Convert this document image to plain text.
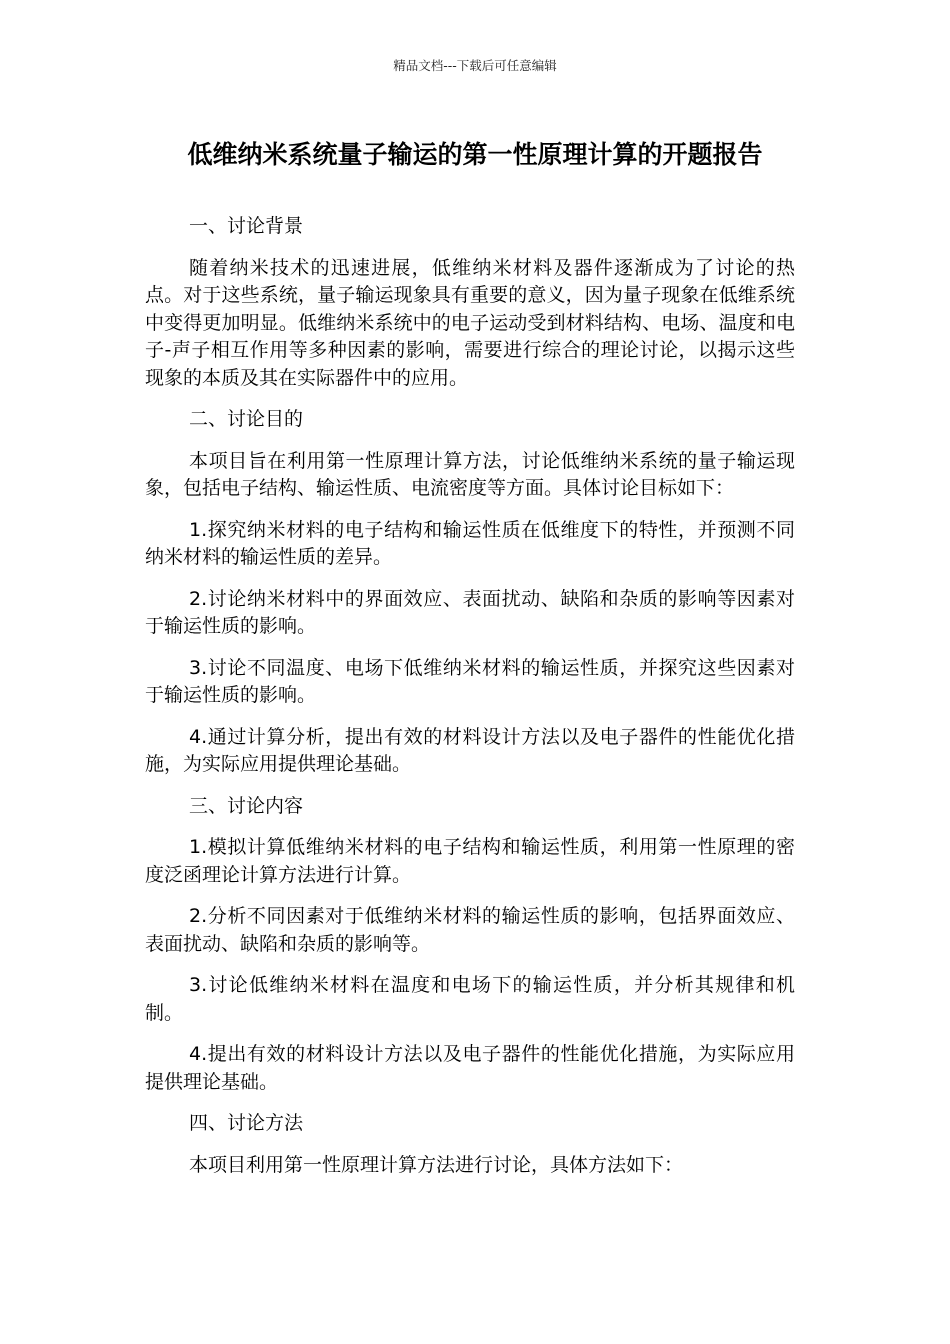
精品文档---下载后可任意编辑
低维纳米系统量子输运的第一性原理计算的开题报告

一、讨论背景

随着纳米技术的迅速进展，低维纳米材料及器件逐渐成为了讨论的热点。对于这些系统，量子输运现象具有重要的意义，因为量子现象在低维系统中变得更加明显。低维纳米系统中的电子运动受到材料结构、电场、温度和电子-声子相互作用等多种因素的影响，需要进行综合的理论讨论，以揭示这些现象的本质及其在实际器件中的应用。

二、讨论目的

本项目旨在利用第一性原理计算方法，讨论低维纳米系统的量子输运现象，包括电子结构、输运性质、电流密度等方面。具体讨论目标如下：

1.探究纳米材料的电子结构和输运性质在低维度下的特性，并预测不同纳米材料的输运性质的差异。

2.讨论纳米材料中的界面效应、表面扰动、缺陷和杂质的影响等因素对于输运性质的影响。

3.讨论不同温度、电场下低维纳米材料的输运性质，并探究这些因素对于输运性质的影响。

4.通过计算分析，提出有效的材料设计方法以及电子器件的性能优化措施，为实际应用提供理论基础。

三、讨论内容

1.模拟计算低维纳米材料的电子结构和输运性质，利用第一性原理的密度泛函理论计算方法进行计算。

2.分析不同因素对于低维纳米材料的输运性质的影响，包括界面效应、表面扰动、缺陷和杂质的影响等。

3.讨论低维纳米材料在温度和电场下的输运性质，并分析其规律和机制。

4.提出有效的材料设计方法以及电子器件的性能优化措施，为实际应用提供理论基础。

四、讨论方法

本项目利用第一性原理计算方法进行讨论，具体方法如下：
